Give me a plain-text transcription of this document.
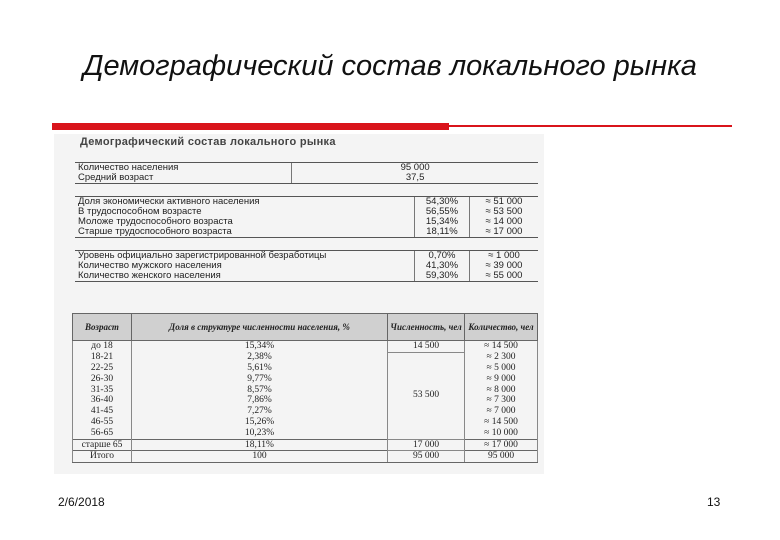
Демографический состав локального рынка
Демографический состав локального рынка
Количество населения	95 000
Средний возраст	37,5
Доля экономически активного населения	54,30%	≈ 51 000
В трудоспособном возрасте	56,55%	≈ 53 500
Моложе трудоспособного возраста	15,34%	≈ 14 000
Старше трудоспособного возраста	18,11%	≈ 17 000
Уровень официально зарегистрированной безработицы	0,70%	≈ 1 000
Количество мужского населения	41,30%	≈ 39 000
Количество женского населения	59,30%	≈ 55 000
Возраст	Доля в структуре численности населения, %	Численность, чел	Количество, чел
до 18	15,34%	14 500	≈ 14 500
18-21	2,38%	53 500	≈ 2 300
22-25	5,61%		≈ 5 000
26-30	9,77%		≈ 9 000
31-35	8,57%		≈ 8 000
36-40	7,86%		≈ 7 300
41-45	7,27%		≈ 7 000
46-55	15,26%		≈ 14 500
56-65	10,23%		≈ 10 000
старше 65	18,11%	17 000	≈ 17 000
Итого	100	95 000	95 000
2/6/2018	13
